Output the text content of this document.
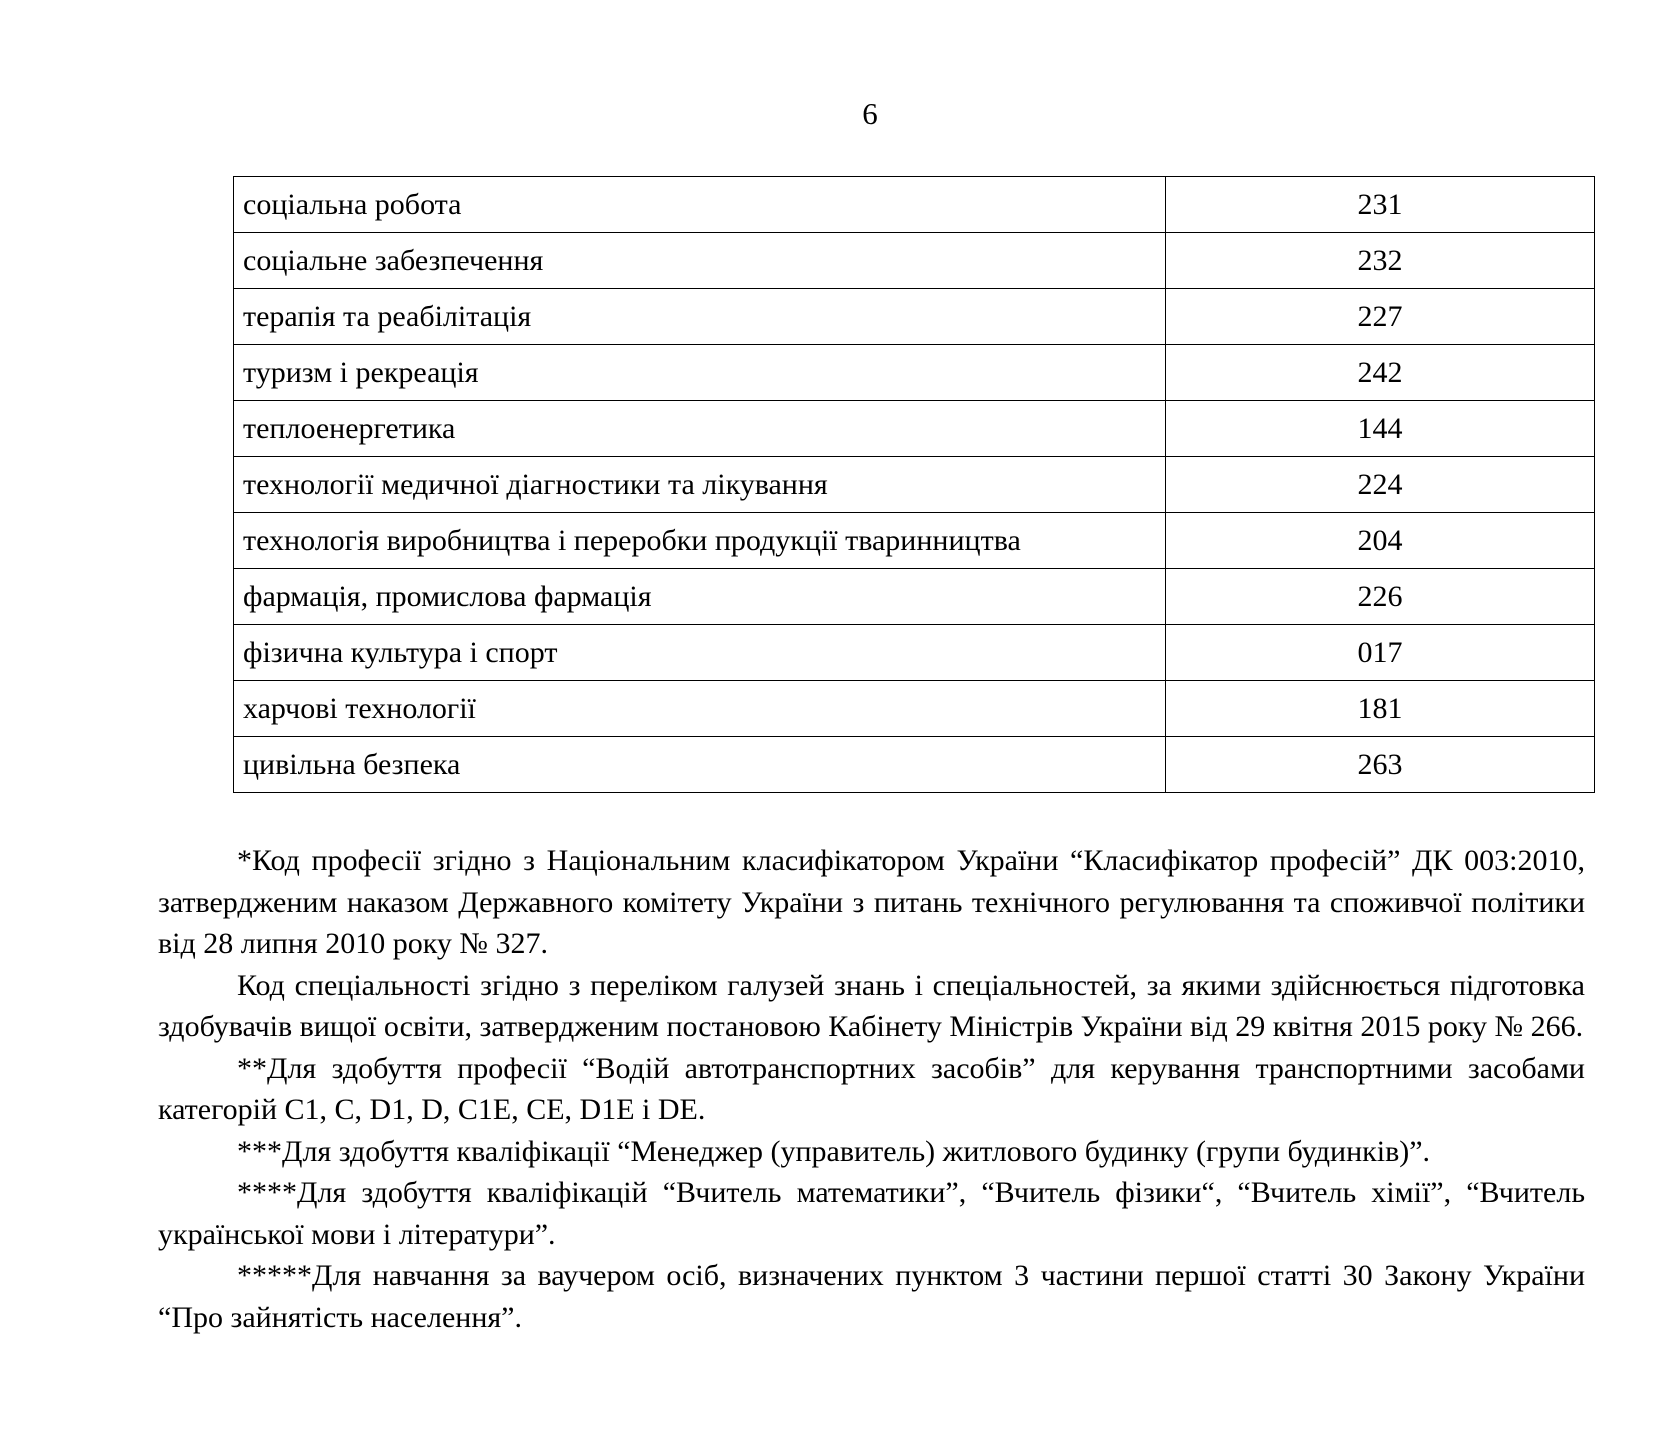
6
соціальна робота	231
соціальне забезпечення	232
терапія та реабілітація	227
туризм і рекреація	242
теплоенергетика	144
технології медичної діагностики та лікування	224
технологія виробництва і переробки продукції тваринництва	204
фармація, промислова фармація	226
фізична культура і спорт	017
харчові технології	181
цивільна безпека	263

*Код професії згідно з Національним класифікатором України “Класифікатор професій” ДК 003:2010, затвердженим наказом Державного комітету України з питань технічного регулювання та споживчої політики від 28 липня 2010 року № 327.

Код спеціальності згідно з переліком галузей знань і спеціальностей, за якими здійснюється підготовка здобувачів вищої освіти, затвердженим постановою Кабінету Міністрів України від 29 квітня 2015 року № 266.

**Для здобуття професії “Водій автотранспортних засобів” для керування транспортними засобами категорій C1, C, D1, D, C1E, CE, D1E і DE.

***Для здобуття кваліфікації “Менеджер (управитель) житлового будинку (групи будинків)”.

****Для здобуття кваліфікацій “Вчитель математики”, “Вчитель фізики“, “Вчитель хімії”, “Вчитель української мови і літератури”.

*****Для навчання за ваучером осіб, визначених пунктом 3 частини першої статті 30 Закону України “Про зайнятість населення”.
